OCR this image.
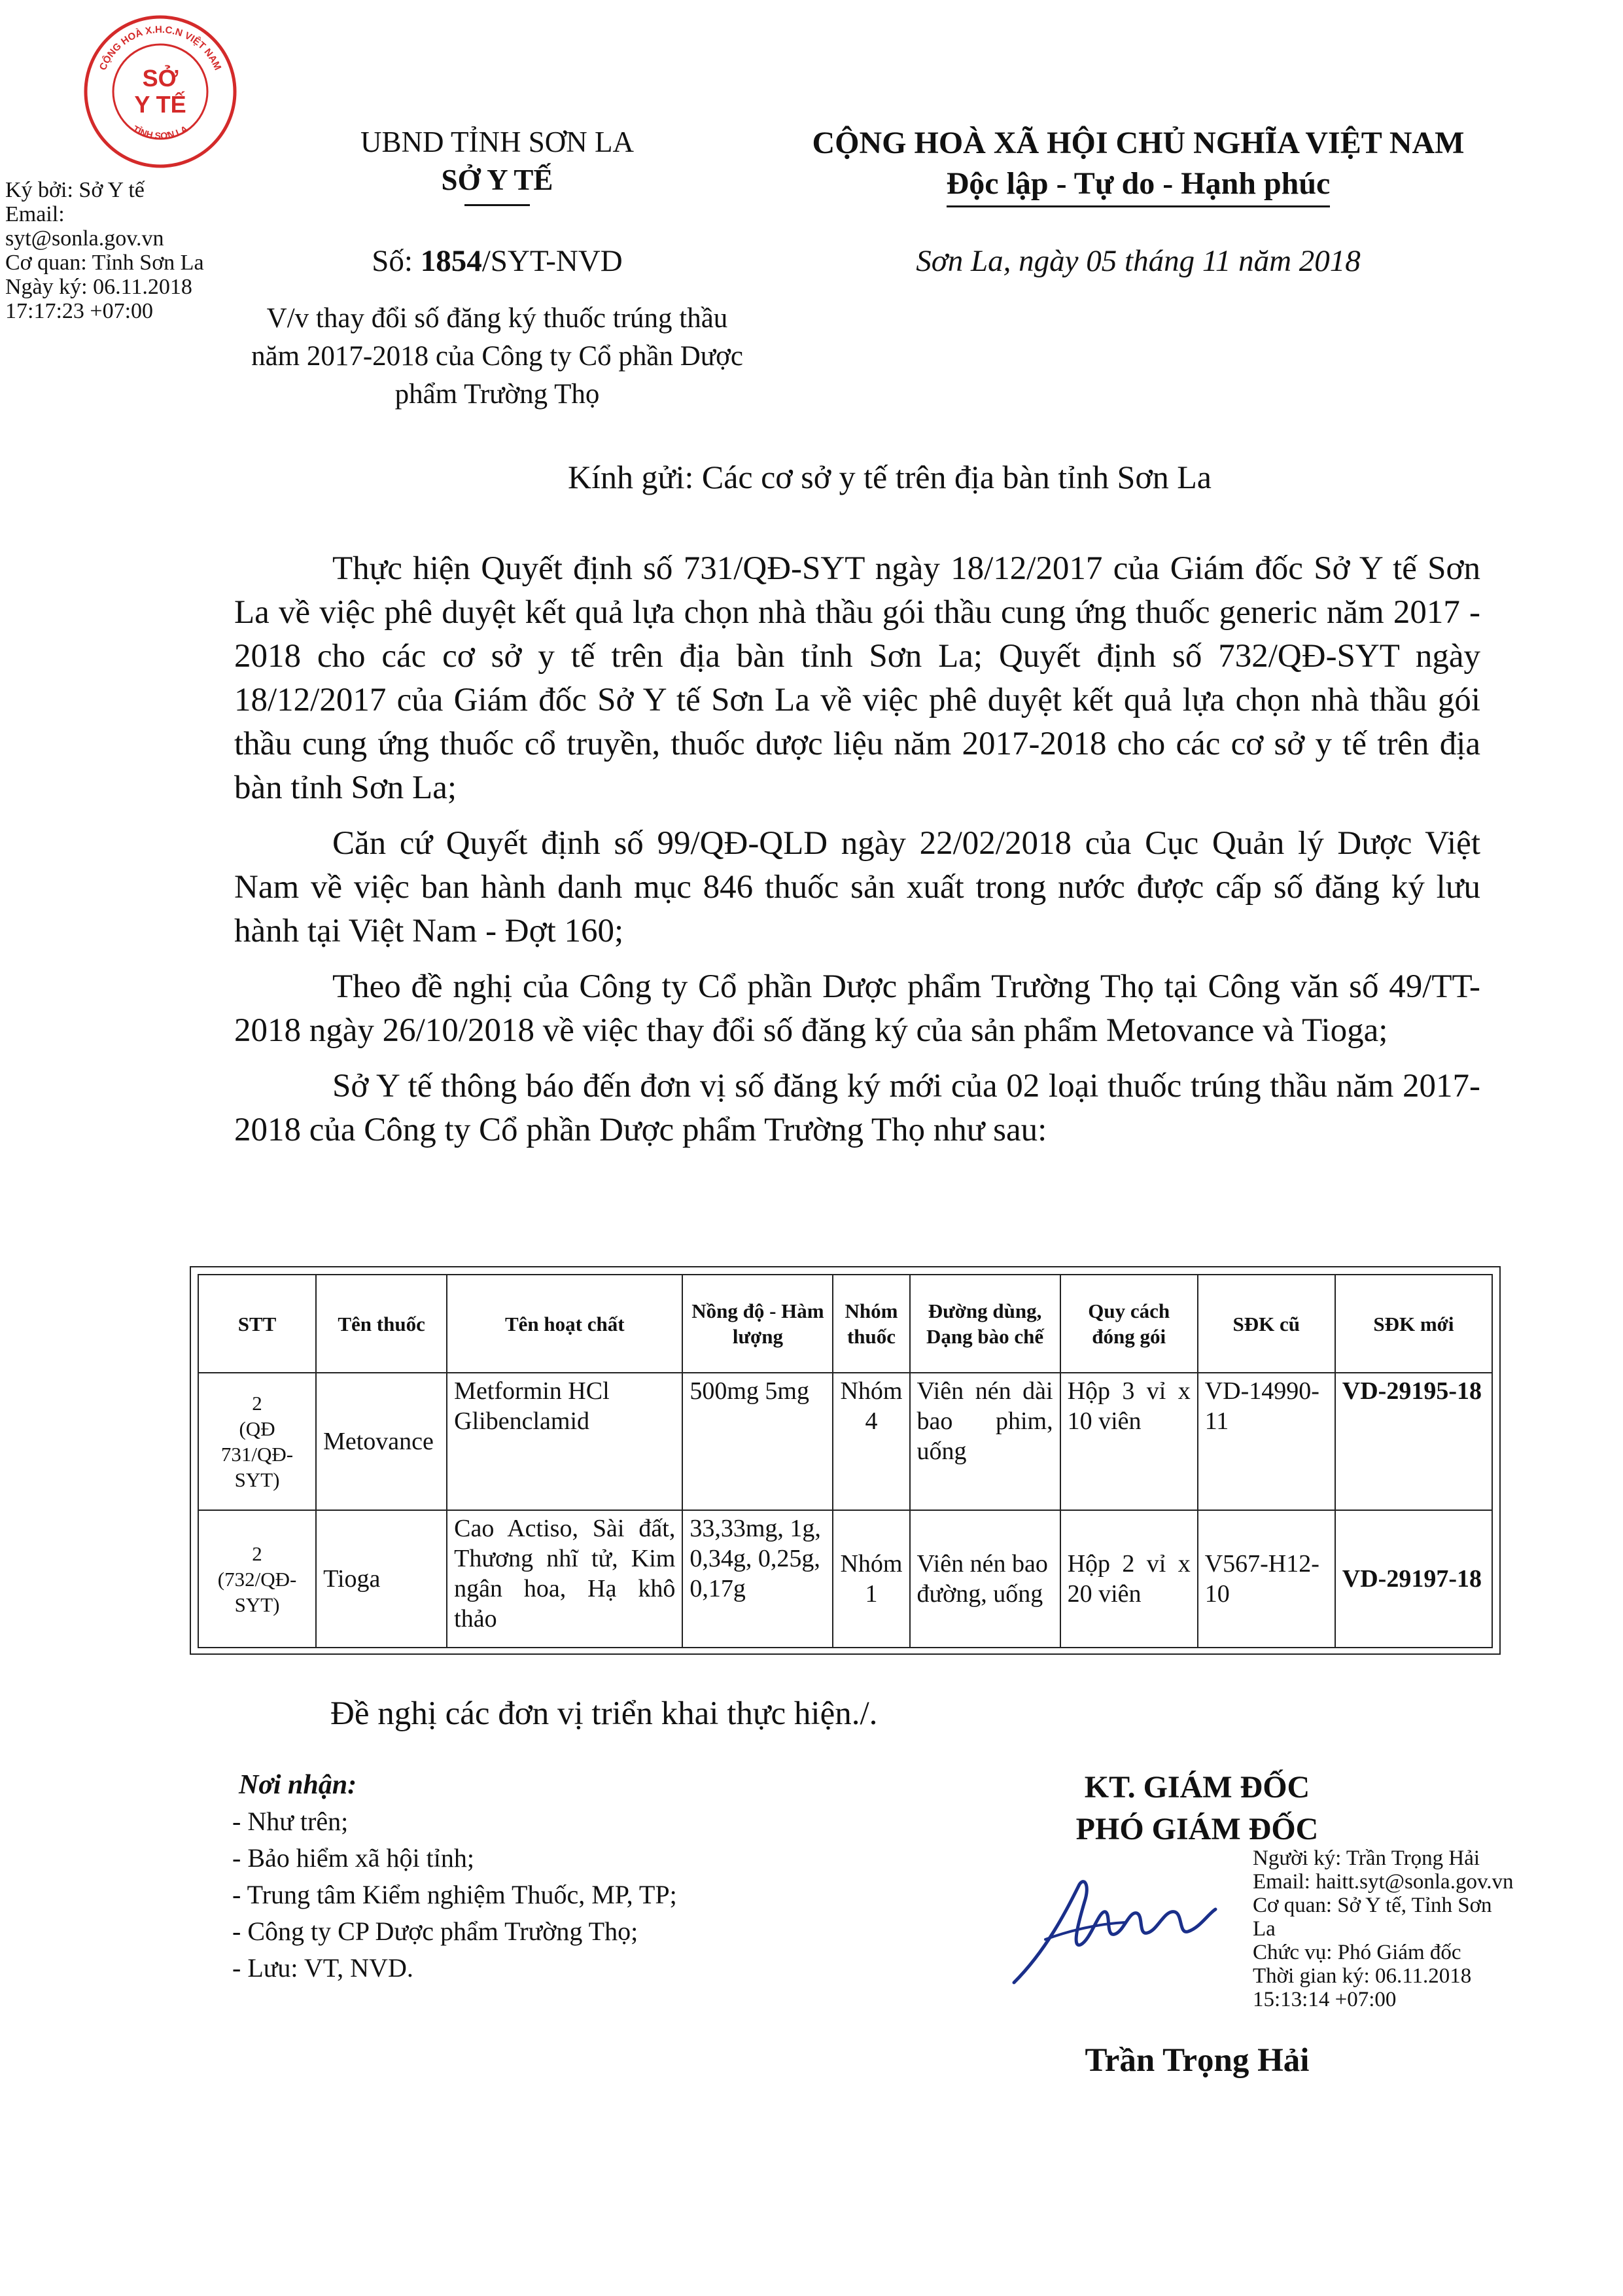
CỘNG HOÀ X.H.C.N VIỆT NAM
TỈNH SƠN LA
SỞ
Y TẾ
Ký bởi: Sở Y tế
Email:
syt@sonla.gov.vn
Cơ quan: Tỉnh Sơn La
Ngày ký: 06.11.2018
17:17:23 +07:00
UBND TỈNH SƠN LA
SỞ Y TẾ
CỘNG HOÀ XÃ HỘI CHỦ NGHĨA VIỆT NAM
Độc lập - Tự do - Hạnh phúc
Số: 1854/SYT-NVD	Sơn La, ngày 05 tháng 11 năm 2018
V/v thay đổi số đăng ký thuốc trúng thầu năm 2017-2018 của Công ty Cổ phần Dược phẩm Trường Thọ
Kính gửi: Các cơ sở y tế trên địa bàn tỉnh Sơn La

Thực hiện Quyết định số 731/QĐ-SYT ngày 18/12/2017 của Giám đốc Sở Y tế Sơn La về việc phê duyệt kết quả lựa chọn nhà thầu gói thầu cung ứng thuốc generic năm 2017 - 2018 cho các cơ sở y tế trên địa bàn tỉnh Sơn La; Quyết định số 732/QĐ-SYT ngày 18/12/2017 của Giám đốc Sở Y tế Sơn La về việc phê duyệt kết quả lựa chọn nhà thầu gói thầu cung ứng thuốc cổ truyền, thuốc dược liệu năm 2017-2018 cho các cơ sở y tế trên địa bàn tỉnh Sơn La;

Căn cứ Quyết định số 99/QĐ-QLD ngày 22/02/2018 của Cục Quản lý Dược Việt Nam về việc ban hành danh mục 846 thuốc sản xuất trong nước được cấp số đăng ký lưu hành tại Việt Nam - Đợt 160;

Theo đề nghị của Công ty Cổ phần Dược phẩm Trường Thọ tại Công văn số 49/TT-2018 ngày 26/10/2018 về việc thay đổi số đăng ký của sản phẩm Metovance và Tioga;

Sở Y tế thông báo đến đơn vị số đăng ký mới của 02 loại thuốc trúng thầu năm 2017-2018 của Công ty Cổ phần Dược phẩm Trường Thọ như sau:

STT	Tên thuốc	Tên hoạt chất	Nồng độ - Hàm lượng	Nhóm thuốc	Đường dùng, Dạng bào chế	Quy cách đóng gói	SĐK cũ	SĐK mới

2
(QĐ 731/QĐ-SYT)	Metovance	Metformin HCl Glibenclamid	500mg 5mg	Nhóm 4	Viên nén dài bao phim, uống	Hộp 3 vỉ x 10 viên	VD-14990-11	VD-29195-18

2
(732/QĐ-SYT)	Tioga	Cao Actiso, Sài đất, Thương nhĩ tử, Kim ngân hoa, Hạ khô thảo	33,33mg, 1g, 0,34g, 0,25g, 0,17g	Nhóm 1	Viên nén bao đường, uống	Hộp 2 vỉ x 20 viên	V567-H12-10	VD-29197-18
Đề nghị các đơn vị triển khai thực hiện./.
Nơi nhận:
- Như trên;
- Bảo hiểm xã hội tỉnh;
- Trung tâm Kiểm nghiệm Thuốc, MP, TP;
- Công ty CP Dược phẩm Trường Thọ;
- Lưu: VT, NVD.
KT. GIÁM ĐỐC
PHÓ GIÁM ĐỐC
Người ký: Trần Trọng Hải
Email: haitt.syt@sonla.gov.vn
Cơ quan: Sở Y tế, Tỉnh Sơn
La
Chức vụ: Phó Giám đốc
Thời gian ký: 06.11.2018
15:13:14 +07:00
Trần Trọng Hải
